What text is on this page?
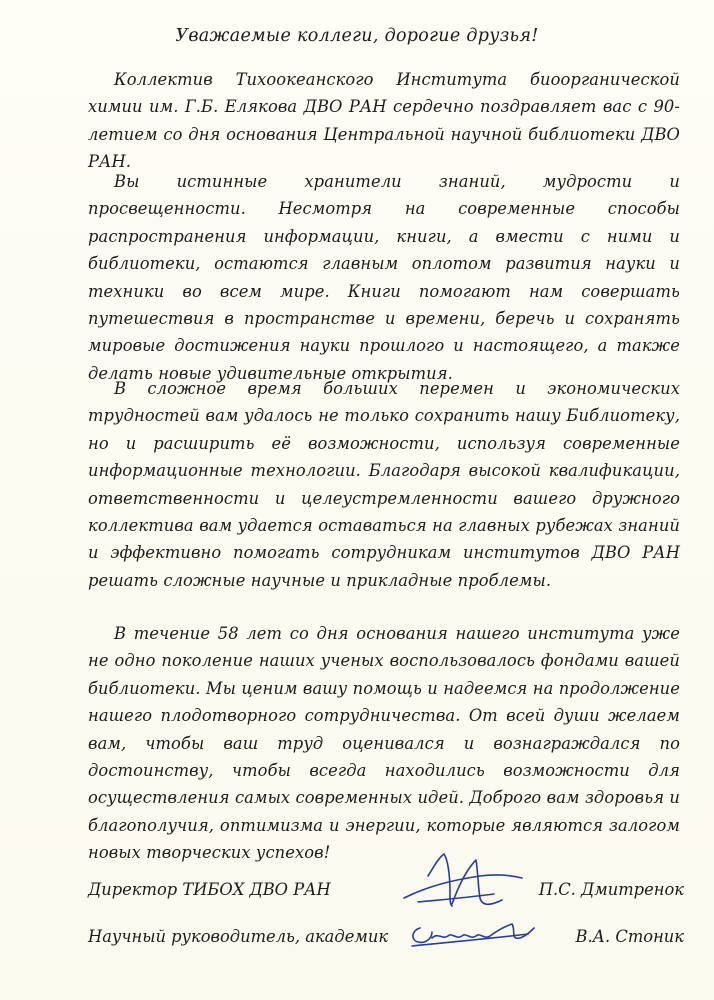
Уважаемые коллеги, дорогие друзья!

Коллектив Тихоокеанского Института биоорганической химии им. Г.Б. Елякова ДВО РАН сердечно поздравляет вас с 90-летием со дня основания Центральной научной библиотеки ДВО РАН.

Вы истинные хранители знаний, мудрости и просвещенности. Несмотря на современные способы распространения информации, книги, а вмести с ними и библиотеки, остаются главным оплотом развития науки и техники во всем мире. Книги помогают нам совершать путешествия в пространстве и времени, беречь и сохранять мировые достижения науки прошлого и настоящего, а также делать новые удивительные открытия.

В сложное время больших перемен и экономических трудностей вам удалось не только сохранить нашу Библиотеку, но и расширить её возможности, используя современные информационные технологии. Благодаря высокой квалификации, ответственности и целеустремленности вашего дружного коллектива вам удается оставаться на главных рубежах знаний и эффективно помогать сотрудникам институтов ДВО РАН решать сложные научные и прикладные проблемы.

В течение 58 лет со дня основания нашего института уже не одно поколение наших ученых воспользовалось фондами вашей библиотеки. Мы ценим вашу помощь и надеемся на продолжение нашего плодотворного сотрудничества. От всей души желаем вам, чтобы ваш труд оценивался и вознаграждался по достоинству, чтобы всегда находились возможности для осуществления самых современных идей. Доброго вам здоровья и благополучия, оптимизма и энергии, которые являются залогом новых творческих успехов!

Директор ТИБОХ ДВО РАН	П.С. Дмитренок
Научный руководитель, академик	В.А. Стоник
